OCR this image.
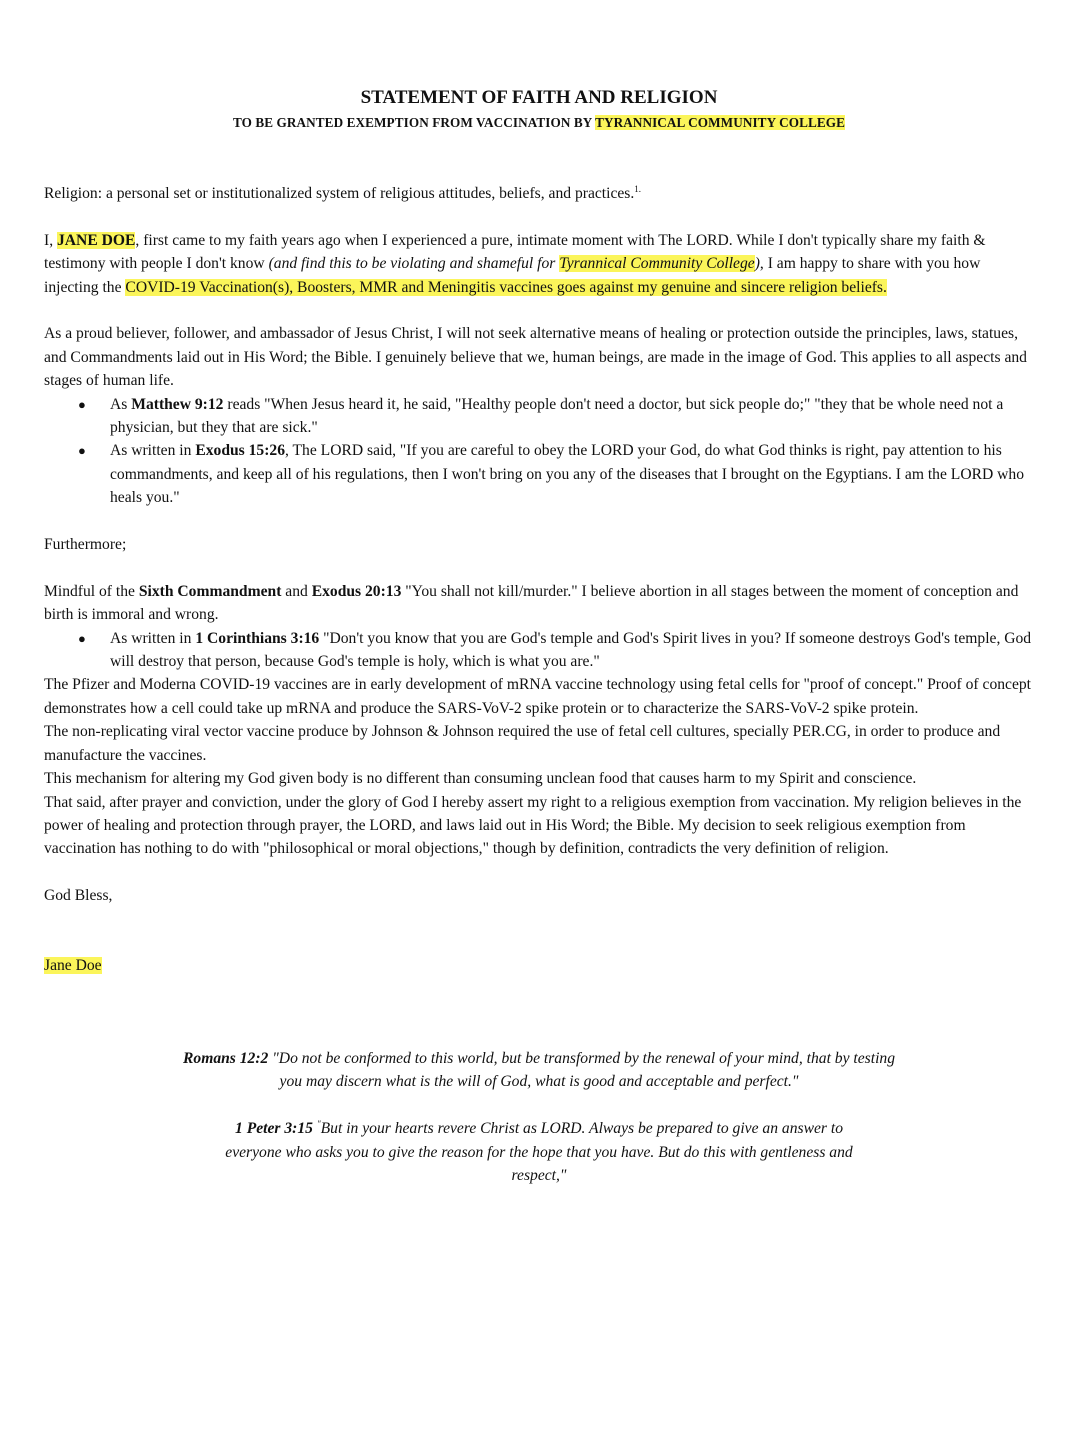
STATEMENT OF FAITH AND RELIGION

TO BE GRANTED EXEMPTION FROM VACCINATION BY TYRANNICAL COMMUNITY COLLEGE

Religion: a personal set or institutionalized system of religious attitudes, beliefs, and practices.$^{1.}$

I, JANE DOE, first came to my faith years ago when I experienced a pure, intimate moment with The LORD. While I don't typically share my faith & testimony with people I don't know (and find this to be violating and shameful for Tyrannical Community College), I am happy to share with you how injecting the COVID-19 Vaccination(s), Boosters, MMR and Meningitis vaccines goes against my genuine and sincere religion beliefs.

As a proud believer, follower, and ambassador of Jesus Christ, I will not seek alternative means of healing or protection outside the principles, laws, statues, and Commandments laid out in His Word; the Bible. I genuinely believe that we, human beings, are made in the image of God. This applies to all aspects and stages of human life.

● As Matthew 9:12 reads "When Jesus heard it, he said, "Healthy people don't need a doctor, but sick people do;" "they that be whole need not a physician, but they that are sick."
● As written in Exodus 15:26, The LORD said, "If you are careful to obey the LORD your God, do what God thinks is right, pay attention to his commandments, and keep all of his regulations, then I won't bring on you any of the diseases that I brought on the Egyptians. I am the LORD who heals you."

Furthermore;

Mindful of the Sixth Commandment and Exodus 20:13 "You shall not kill/murder." I believe abortion in all stages between the moment of conception and birth is immoral and wrong.

● As written in 1 Corinthians 3:16 "Don't you know that you are God's temple and God's Spirit lives in you? If someone destroys God's temple, God will destroy that person, because God's temple is holy, which is what you are."

The Pfizer and Moderna COVID-19 vaccines are in early development of mRNA vaccine technology using fetal cells for "proof of concept." Proof of concept demonstrates how a cell could take up mRNA and produce the SARS-VoV-2 spike protein or to characterize the SARS-VoV-2 spike protein.

The non-replicating viral vector vaccine produce by Johnson & Johnson required the use of fetal cell cultures, specially PER.CG, in order to produce and manufacture the vaccines.

This mechanism for altering my God given body is no different than consuming unclean food that causes harm to my Spirit and conscience.

That said, after prayer and conviction, under the glory of God I hereby assert my right to a religious exemption from vaccination. My religion believes in the power of healing and protection through prayer, the LORD, and laws laid out in His Word; the Bible. My decision to seek religious exemption from vaccination has nothing to do with "philosophical or moral objections," though by definition, contradicts the very definition of religion.

God Bless,

Jane Doe

Romans 12:2 "Do not be conformed to this world, but be transformed by the renewal of your mind, that by testing you may discern what is the will of God, what is good and acceptable and perfect."

1 Peter 3:15 "But in your hearts revere Christ as LORD. Always be prepared to give an answer to everyone who asks you to give the reason for the hope that you have. But do this with gentleness and respect,"
